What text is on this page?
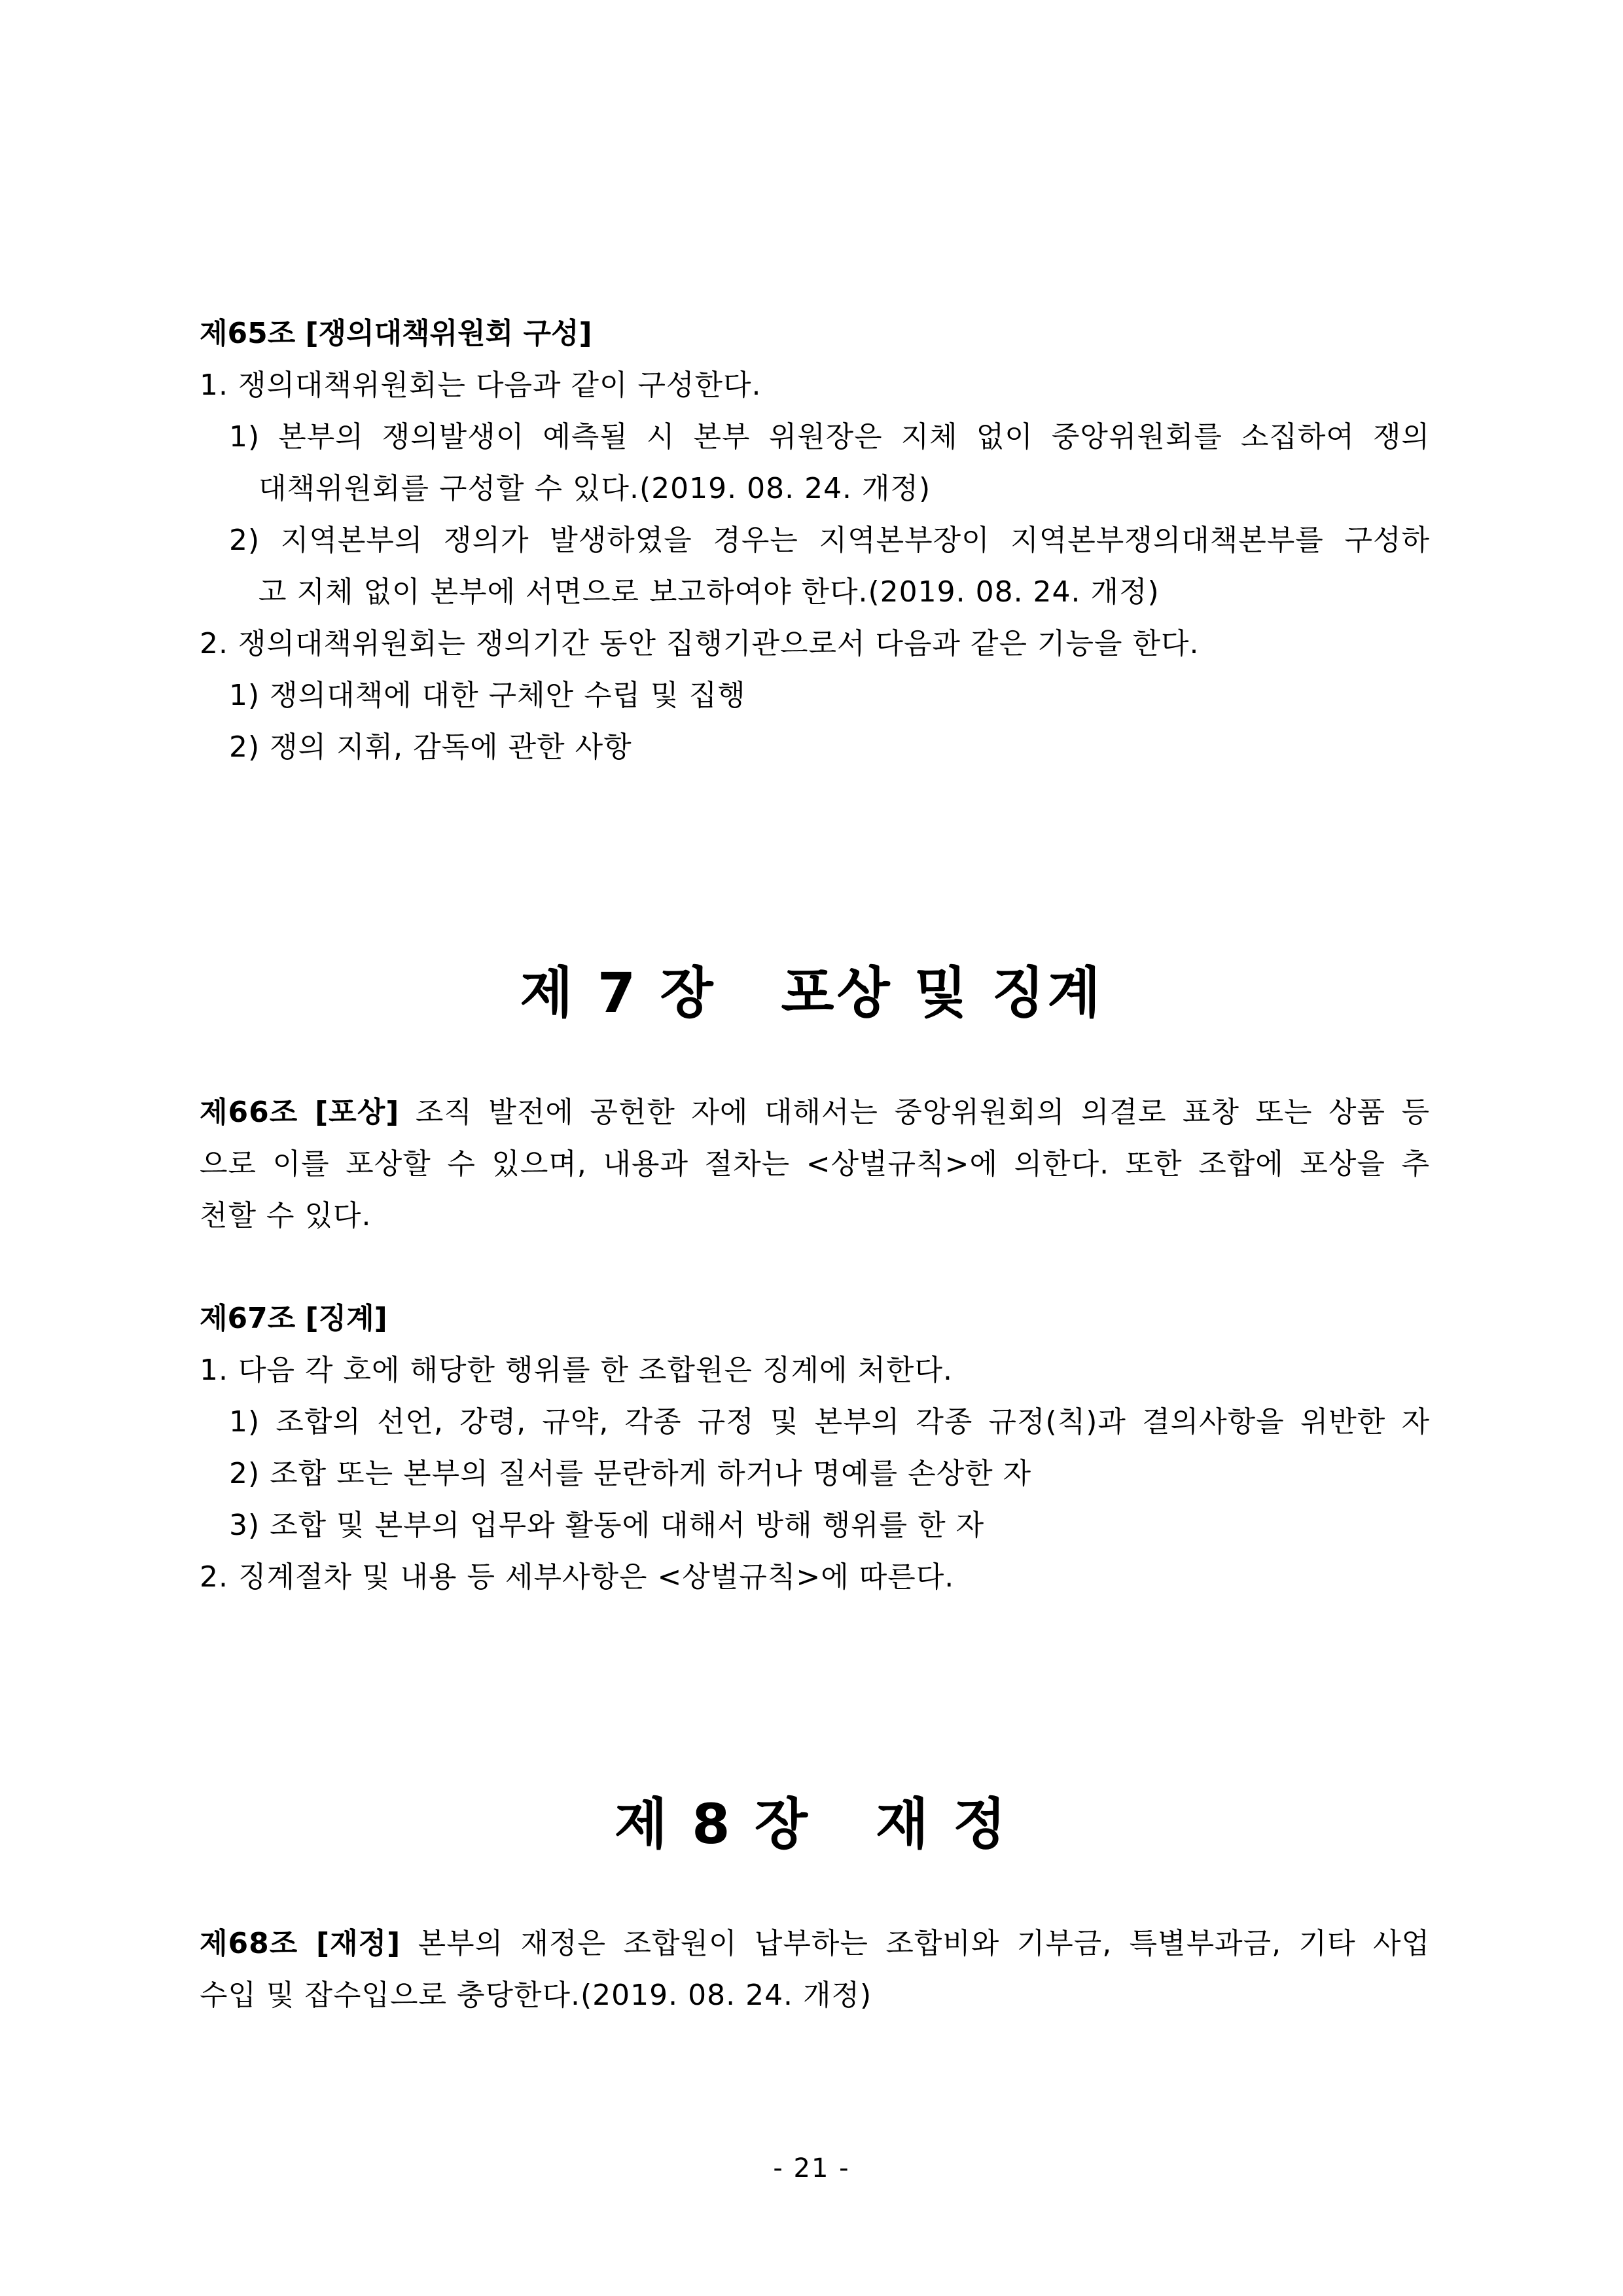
제65조 [쟁의대책위원회 구성]
1. 쟁의대책위원회는 다음과 같이 구성한다.
1) 본부의 쟁의발생이 예측될 시 본부 위원장은 지체 없이 중앙위원회를 소집하여 쟁의
대책위원회를 구성할 수 있다.(2019. 08. 24. 개정)
2) 지역본부의 쟁의가 발생하였을 경우는 지역본부장이 지역본부쟁의대책본부를 구성하
고 지체 없이 본부에 서면으로 보고하여야 한다.(2019. 08. 24. 개정)
2. 쟁의대책위원회는 쟁의기간 동안 집행기관으로서 다음과 같은 기능을 한다.
1) 쟁의대책에 대한 구체안 수립 및 집행
2) 쟁의 지휘, 감독에 관한 사항
제 7 장   포상 및 징계
제66조 [포상] 조직 발전에 공헌한 자에 대해서는 중앙위원회의 의결로 표창 또는 상품 등
으로 이를 포상할 수 있으며, 내용과 절차는 <상벌규칙>에 의한다. 또한 조합에 포상을 추
천할 수 있다.
제67조 [징계]
1. 다음 각 호에 해당한 행위를 한 조합원은 징계에 처한다.
1) 조합의 선언, 강령, 규약, 각종 규정 및 본부의 각종 규정(칙)과 결의사항을 위반한 자
2) 조합 또는 본부의 질서를 문란하게 하거나 명예를 손상한 자
3) 조합 및 본부의 업무와 활동에 대해서 방해 행위를 한 자
2. 징계절차 및 내용 등 세부사항은 <상벌규칙>에 따른다.
제 8 장   재 정
제68조 [재정] 본부의 재정은 조합원이 납부하는 조합비와 기부금, 특별부과금, 기타 사업
수입 및 잡수입으로 충당한다.(2019. 08. 24. 개정)
- 21 -
